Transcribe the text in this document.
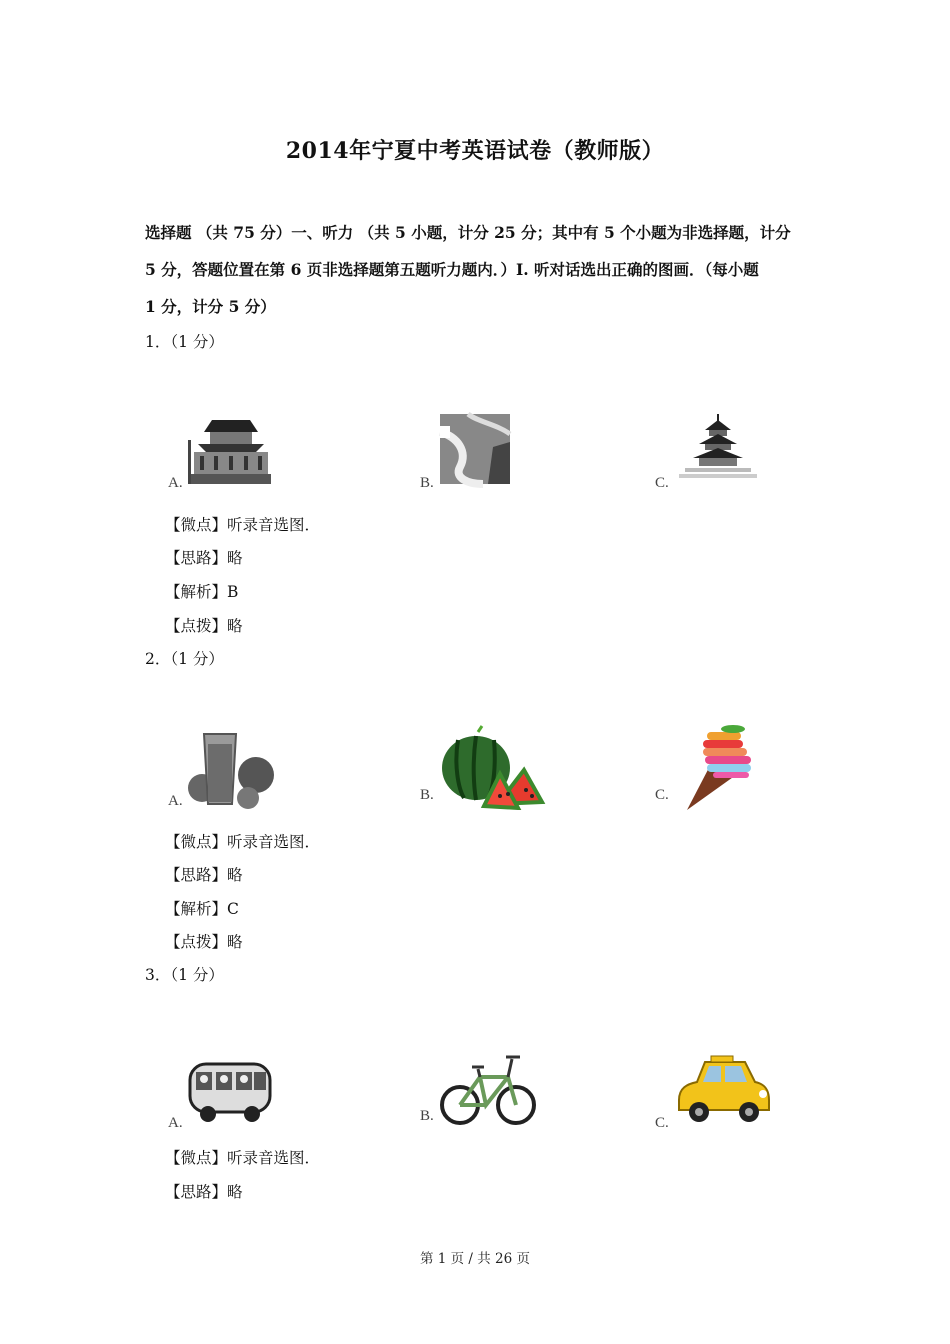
2014年宁夏中考英语试卷（教师版）
选择题 （共 75 分）一、听力 （共 5 小题，计分 25 分；其中有 5 个小题为非选择题，计分
5 分，答题位置在第 6 页非选择题第五题听力题内．）I. 听对话选出正确的图画．（每小题
1 分，计分 5 分）
1．（1 分）
A.	B.	C.
【微点】听录音选图．
【思路】略
【解析】B
【点拨】略
2．（1 分）
A.	B.	C.
【微点】听录音选图．
【思路】略
【解析】C
【点拨】略
3．（1 分）
A.	B.	C.
【微点】听录音选图．
【思路】略
第 1 页 / 共 26 页
